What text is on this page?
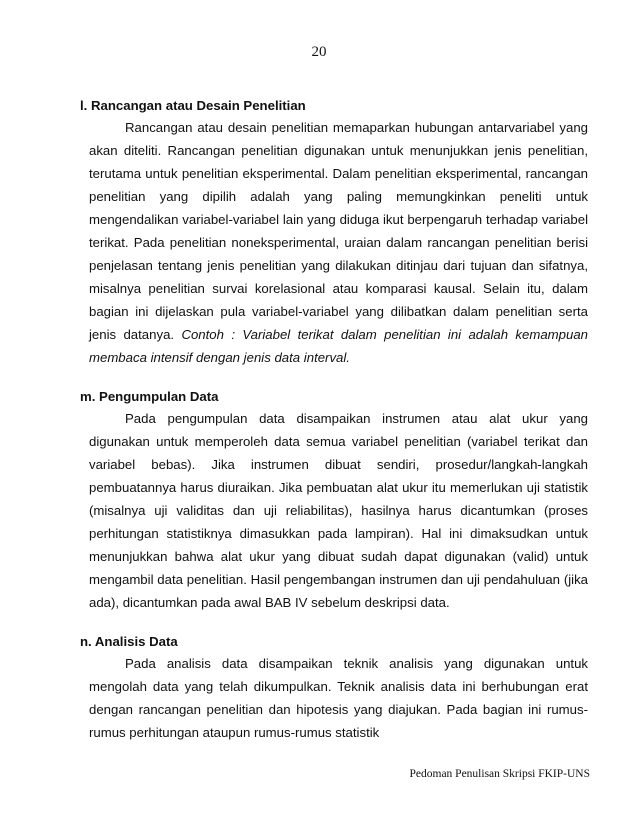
20
l. Rancangan atau Desain Penelitian
Rancangan atau desain penelitian memaparkan hubungan antarvariabel yang akan diteliti. Rancangan penelitian digunakan untuk menunjukkan jenis penelitian, terutama untuk penelitian eksperimental. Dalam penelitian eksperimental, rancangan penelitian yang dipilih adalah yang paling memungkinkan peneliti untuk mengendalikan variabel-variabel lain yang diduga ikut berpengaruh terhadap variabel terikat. Pada penelitian noneksperimental, uraian dalam rancangan penelitian berisi penjelasan tentang jenis penelitian yang dilakukan ditinjau dari tujuan dan sifatnya, misalnya penelitian survai korelasional atau komparasi kausal. Selain itu, dalam bagian ini dijelaskan pula variabel-variabel yang dilibatkan dalam penelitian serta jenis datanya. Contoh : Variabel terikat dalam penelitian ini adalah kemampuan membaca intensif dengan jenis data interval.
m. Pengumpulan Data
Pada pengumpulan data disampaikan instrumen atau alat ukur yang digunakan untuk memperoleh data semua variabel penelitian (variabel terikat dan variabel bebas). Jika instrumen dibuat sendiri, prosedur/langkah-langkah pembuatannya harus diuraikan. Jika pembuatan alat ukur itu memerlukan uji statistik (misalnya uji validitas dan uji reliabilitas), hasilnya harus dicantumkan (proses perhitungan statistiknya dimasukkan pada lampiran). Hal ini dimaksudkan untuk menunjukkan bahwa alat ukur yang dibuat sudah dapat digunakan (valid) untuk mengambil data penelitian. Hasil pengembangan instrumen dan uji pendahuluan (jika ada), dicantumkan pada awal BAB IV sebelum deskripsi data.
n. Analisis Data
Pada analisis data disampaikan teknik analisis yang digunakan untuk mengolah data yang telah dikumpulkan. Teknik analisis data ini berhubungan erat dengan rancangan penelitian dan hipotesis yang diajukan. Pada bagian ini rumus-rumus perhitungan ataupun rumus-rumus statistik
Pedoman Penulisan Skripsi FKIP-UNS
